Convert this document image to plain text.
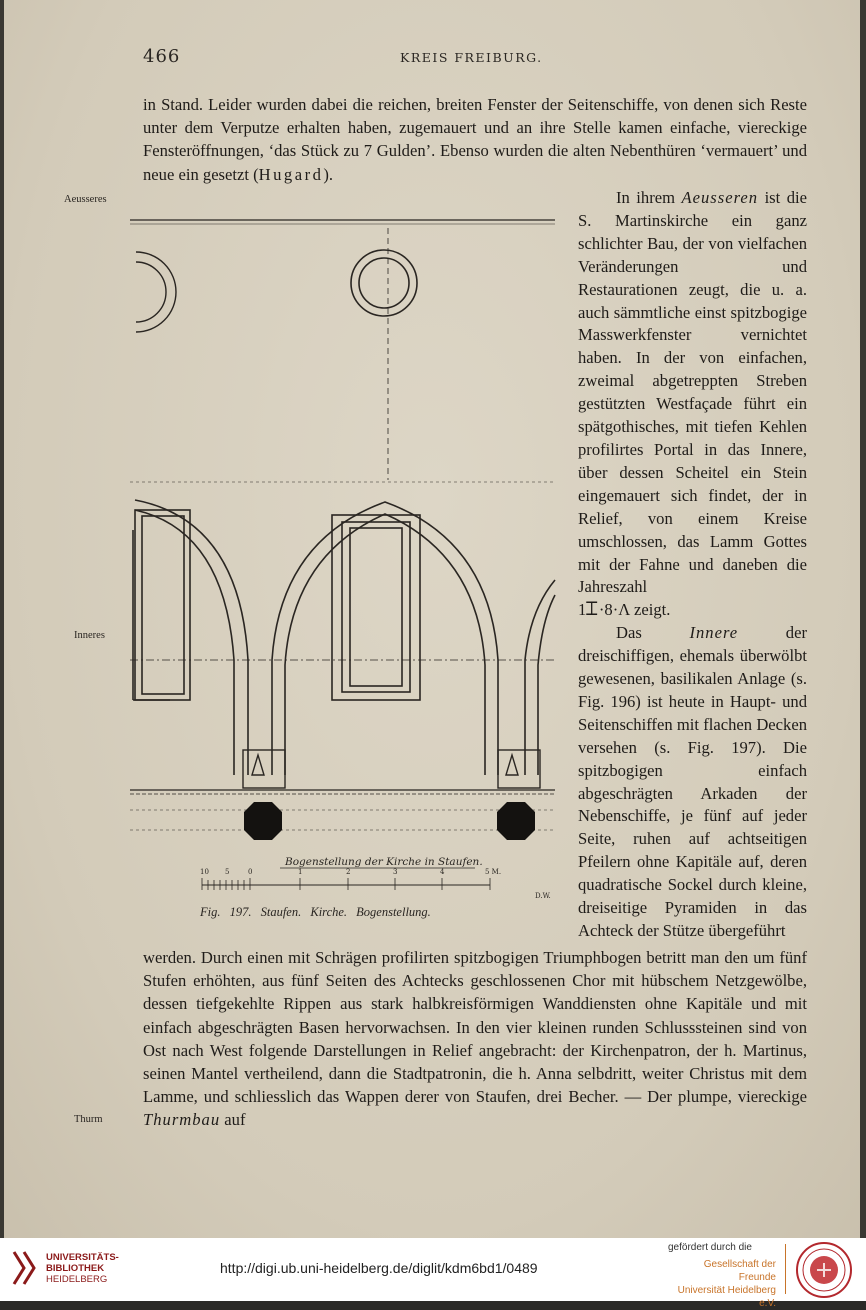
466	KREIS FREIBURG.

in Stand. Leider wurden dabei die reichen, breiten Fenster der Seitenschiffe, von denen sich Reste unter dem Verputze erhalten haben, zugemauert und an ihre Stelle kamen einfache, viereckige Fensteröffnungen, ‘das Stück zu 7 Gulden’. Ebenso wurden die alten Nebenthüren ‘vermauert’ und neue ein gesetzt (Hugard).

Aeusseres
Inneres
Thurm

In ihrem Aeusseren ist die S. Martinskirche ein ganz schlichter Bau, der von vielfachen Veränderungen und Restaurationen zeugt, die u. a. auch sämmtliche einst spitzbogige Masswerkfenster vernichtet haben. In der von einfachen, zweimal abgetreppten Streben gestützten Westfaçade führt ein spätgothisches, mit tiefen Kehlen profilirtes Portal in das Innere, über dessen Scheitel ein Stein eingemauert sich findet, der in Relief, von einem Kreise umschlossen, das Lamm Gottes mit der Fahne und daneben die Jahreszahl
1𐊈·8·Λ zeigt.

Das Innere der dreischiffigen, ehemals überwölbt gewesenen, basilikalen Anlage (s. Fig. 196) ist heute in Haupt- und Seitenschiffen mit flachen Decken versehen (s. Fig. 197). Die spitzbogigen einfach abgeschrägten Arkaden der Nebenschiffe, je fünf auf jeder Seite, ruhen auf achtseitigen Pfeilern ohne Kapitäle auf, deren quadratische Sockel durch kleine, dreiseitige Pyramiden in das Achteck der Stütze übergeführt

Bogenstellung der Kirche in Staufen.
10 5	0	1	2	3	4	5 M.
D.W.
Fig. 197. Staufen. Kirche. Bogenstellung.

werden. Durch einen mit Schrägen profilirten spitzbogigen Triumphbogen betritt man den um fünf Stufen erhöhten, aus fünf Seiten des Achtecks geschlossenen Chor mit hübschem Netzgewölbe, dessen tiefgekehlte Rippen aus stark halbkreisförmigen Wanddiensten ohne Kapitäle und mit einfach abgeschrägten Basen hervorwachsen. In den vier kleinen runden Schlusssteinen sind von Ost nach West folgende Darstellungen in Relief angebracht: der Kirchenpatron, der h. Martinus, seinen Mantel vertheilend, dann die Stadtpatronin, die h. Anna selbdritt, weiter Christus mit dem Lamme, und schliesslich das Wappen derer von Staufen, drei Becher. — Der plumpe, viereckige Thurmbau auf

UNIVERSITÄTS-
BIBLIOTHEK
HEIDELBERG
http://digi.ub.uni-heidelberg.de/diglit/kdm6bd1/0489
gefördert durch die
Gesellschaft der Freunde
Universität Heidelberg e.V.
